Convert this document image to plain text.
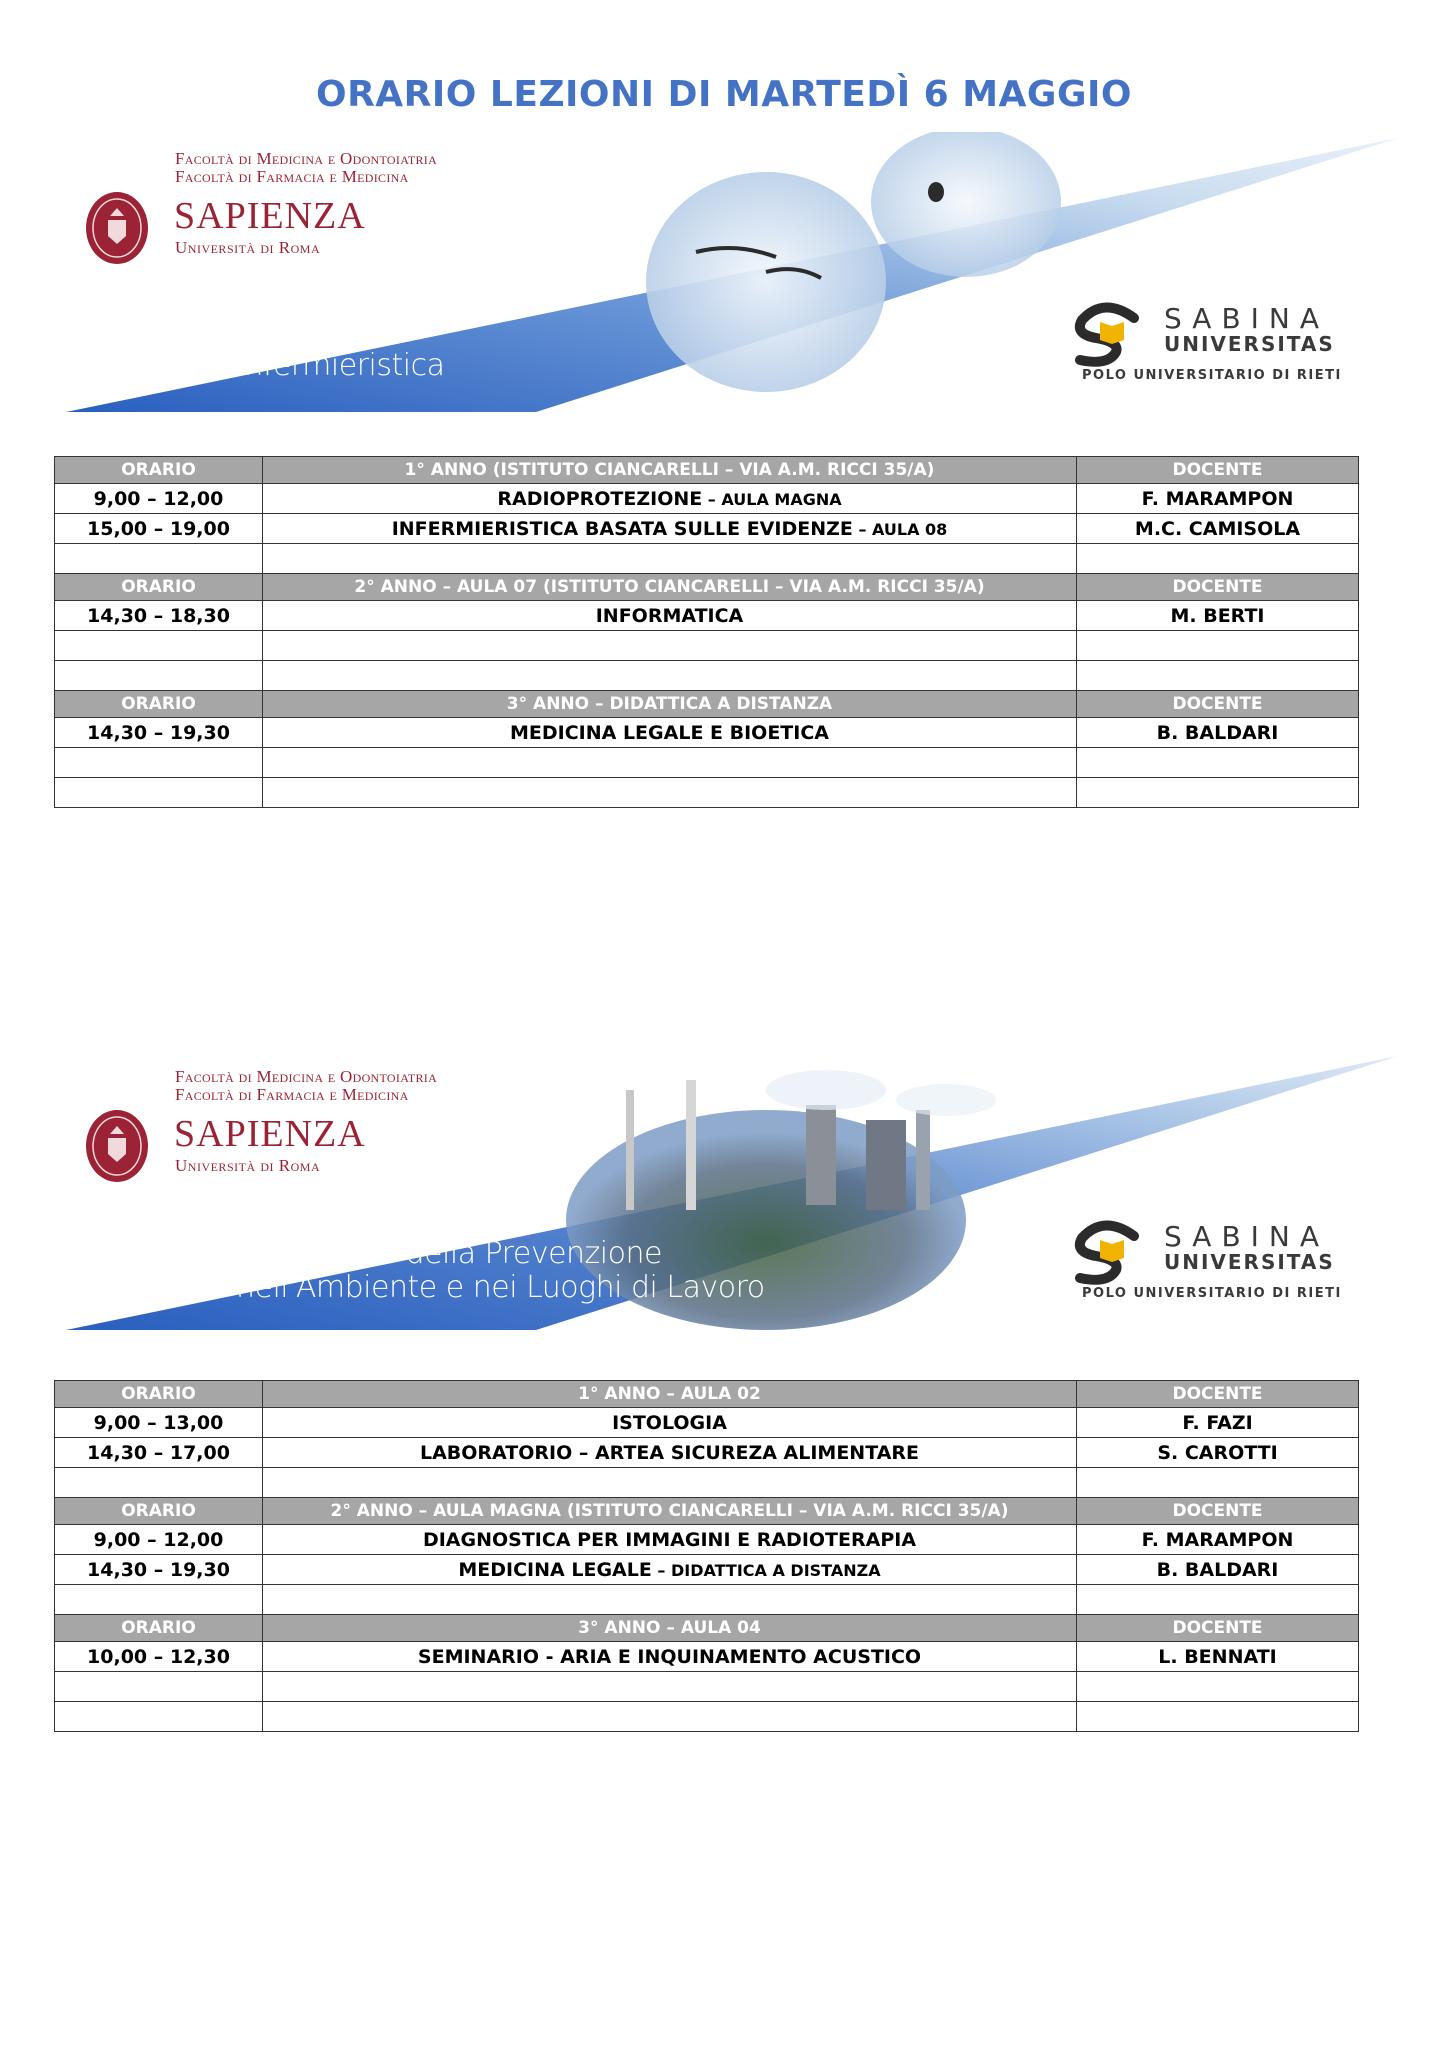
ORARIO LEZIONI DI MARTEDÌ 6 MAGGIO
Facoltà di Medicina e Odontoiatria
Facoltà di Farmacia e Medicina
SAPIENZA
Università di Roma
Infermieristica
SABINA
UNIVERSITAS
POLO UNIVERSITARIO DI RIETI
ORARIO	1° ANNO (ISTITUTO CIANCARELLI – VIA A.M. RICCI 35/A)	DOCENTE
9,00 – 12,00	RADIOPROTEZIONE – AULA MAGNA	F. MARAMPON
15,00 – 19,00	INFERMIERISTICA BASATA SULLE EVIDENZE – AULA 08	M.C. CAMISOLA

ORARIO	2° ANNO – AULA 07 (ISTITUTO CIANCARELLI – VIA A.M. RICCI 35/A)	DOCENTE
14,30 – 18,30	INFORMATICA	M. BERTI

ORARIO	3° ANNO – DIDATTICA A DISTANZA	DOCENTE
14,30 – 19,30	MEDICINA LEGALE E BIOETICA	B. BALDARI

Facoltà di Medicina e Odontoiatria
Facoltà di Farmacia e Medicina
SAPIENZA
Università di Roma
Tecniche della Prevenzione
nell'Ambiente e nei Luoghi di Lavoro
SABINA
UNIVERSITAS
POLO UNIVERSITARIO DI RIETI
ORARIO	1° ANNO – AULA 02	DOCENTE
9,00 – 13,00	ISTOLOGIA	F. FAZI
14,30 – 17,00	LABORATORIO – ARTEA SICUREZA ALIMENTARE	S. CAROTTI

ORARIO	2° ANNO – AULA MAGNA (ISTITUTO CIANCARELLI – VIA A.M. RICCI 35/A)	DOCENTE
9,00 – 12,00	DIAGNOSTICA PER IMMAGINI E RADIOTERAPIA	F. MARAMPON
14,30 – 19,30	MEDICINA LEGALE – DIDATTICA A DISTANZA	B. BALDARI

ORARIO	3° ANNO – AULA 04	DOCENTE
10,00 – 12,30	SEMINARIO - ARIA E INQUINAMENTO ACUSTICO	L. BENNATI
